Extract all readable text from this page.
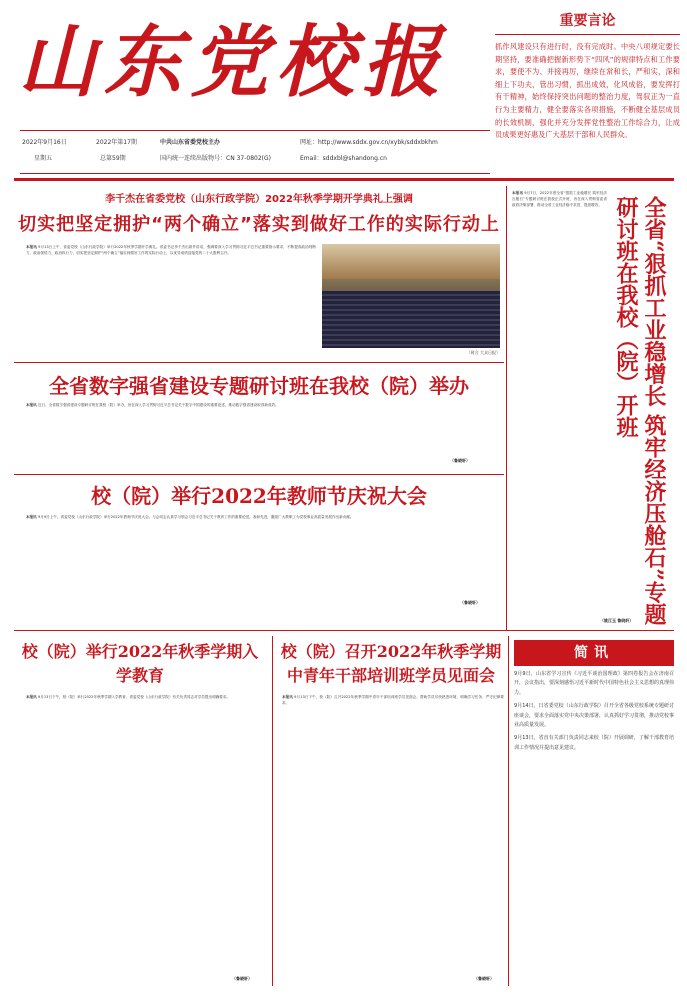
山东党校报
2022年9月16日
星期五
2022年第17期
总第59期
中共山东省委党校主办
国内统一连续出版物号：CN 37-0802(G)
网址：http://www.sddx.gov.cn/xybk/sddxbkhm
Email：sddxbl@shandong.cn
重要言论
抓作风建设只有进行时，没有完成时。中央八项规定要长期坚持，要准确把握新形势下“四风”的规律特点和工作要求，要使不为、并接再厉，继续在常和长，严和实，深和细上下功夫，管出习惯，抓出成效，化风成俗，要发挥打有干精神，始终保持突出问题的整治力度，驾驭正为一直行为主要精力，健全要落实各项措施，不断健全基层成员的长效机制，强化并充分发挥党性整治工作综合力，让成员成果更好惠及广大基层干部和人民群众。
李千杰在省委党校（山东行政学院）2022年秋季学期开学典礼上强调
切实把坚定拥护“两个确立”落实到做好工作的实际行动上
本报讯 9月13日上午，省委党校（山东行政学院）举行2022年秋季学期开学典礼。省委书记李千杰出席并讲话，强调要深入学习贯彻习近平总书记重要指示要求，不断提高政治判断力、政治领悟力、政治执行力，切实把坚定拥护“两个确立”落实到做好工作的实际行动上，以优异成绩迎接党的二十大胜利召开。
（时合 大众日报）
全省数字强省建设专题研讨班在我校（院）举办
本报讯 近日，全省数字强省建设专题研讨班在我校（院）举办，旨在深入学习贯彻习近平总书记关于数字中国建设的重要论述，推动数字强省建设取得新成效。
（鲁晓轩）
校（院）举行2022年教师节庆祝大会
本报讯 9月9日上午，省委党校（山东行政学院）举行2022年教师节庆祝大会。与会同志认真学习领会习近平总书记关于教育工作的重要论述，表彰先进，激励广大教职工为党校事业高质量发展作出新贡献。
（鲁晓轩）
本报讯 9月7日，2022年度全省“狠抓工业稳增长 筑牢经济压舱石”专题研讨班在我校正式开班，旨在深入贯彻省委省政府决策部署，推动全省工业经济稳中求进、提质增效。	全省“狠抓工业稳增长 筑牢经济压舱石”专题研讨班在我校（院）开班
（姚江玉 鲁晓轩）
校（院）举行2022年秋季学期入学教育
本报讯 9月13日下午，校（院）举行2022年秋季学期入学教育，省委党校（山东行政学院）有关负责同志对学员提出明确要求。
（鲁晓轩）
校（院）召开2022年秋季学期中青年干部培训班学员见面会
本报讯 9月13日下午，校（院）召开2022年秋季学期中青年干部培训班学员见面会，帮助学员尽快熟悉环境、明确学习任务、严守纪律要求。
（鲁晓轩）
简讯
9月9日，山东省学习宣传《习近平谈治国理政》第四卷报告会在济南召开，会议指出，要深刻感悟习近平新时代中国特色社会主义思想的真理伟力。
9月14日，日省委党校（山东行政学院）召开全省各级党校系统专题研讨座谈会，要求全面落实党中央决策部署，认真抓好学习贯彻，推动党校事业高质量发展。
9月13日，省直有关部门负责同志来校（院）开展调研，了解干部教育培训工作情况并提出意见建议。
